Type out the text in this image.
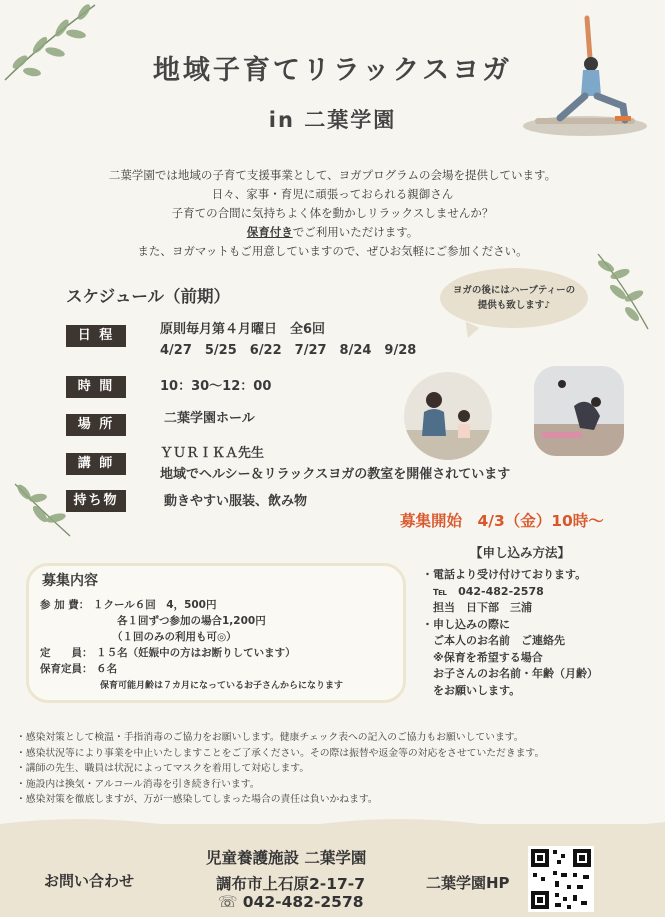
地域子育てリラックスヨガ
in 二葉学園
二葉学園では地域の子育て支援事業として、ヨガプログラムの会場を提供しています。
日々、家事・育児に頑張っておられる親御さん
子育ての合間に気持ちよく体を動かしリラックスしませんか？
保育付きでご利用いただけます。
また、ヨガマットもご用意していますので、ぜひお気軽にご参加ください。
スケジュール（前期）	ヨガの後にはハーブティーの
提供も致します♪
日 程	原則毎月第４月曜日　全6回
4/27　5/25　6/22　7/27　8/24　9/28
時 間	10：30～12：00
場 所	二葉学園ホール
講 師
ＹＵＲＩＫＡ先生
地域でヘルシー＆リラックスヨガの教室を開催されています
持ち物	動きやすい服装、飲み物
募集開始　4/3（金）10時～
募集内容
参 加 費： １クール６回　4，500円
各１回ずつ参加の場合1,200円
（１回のみの利用も可◎）
定　　員： １５名（妊娠中の方はお断りしています）
保育定員： ６名
保育可能月齢は７カ月になっているお子さんからになります
【申し込み方法】
・電話より受け付けております。
　℡　042-482-2578
　担当　日下部　三浦
・申し込みの際に
　ご本人のお名前　ご連絡先
　※保育を希望する場合
　お子さんのお名前・年齢（月齢）
　をお願いします。
・感染対策として検温・手指消毒のご協力をお願いします。健康チェック表への記入のご協力もお願いしています。
・感染状況等により事業を中止いたしますことをご了承ください。その際は振替や返金等の対応をさせていただきます。
・講師の先生、職員は状況によってマスクを着用して対応します。
・施設内は換気・アルコール消毒を引き続き行います。
・感染対策を徹底しますが、万が一感染してしまった場合の責任は負いかねます。
お問い合わせ
児童養護施設 二葉学園
調布市上石原2-17-7
☏ 042-482-2578
二葉学園HP
